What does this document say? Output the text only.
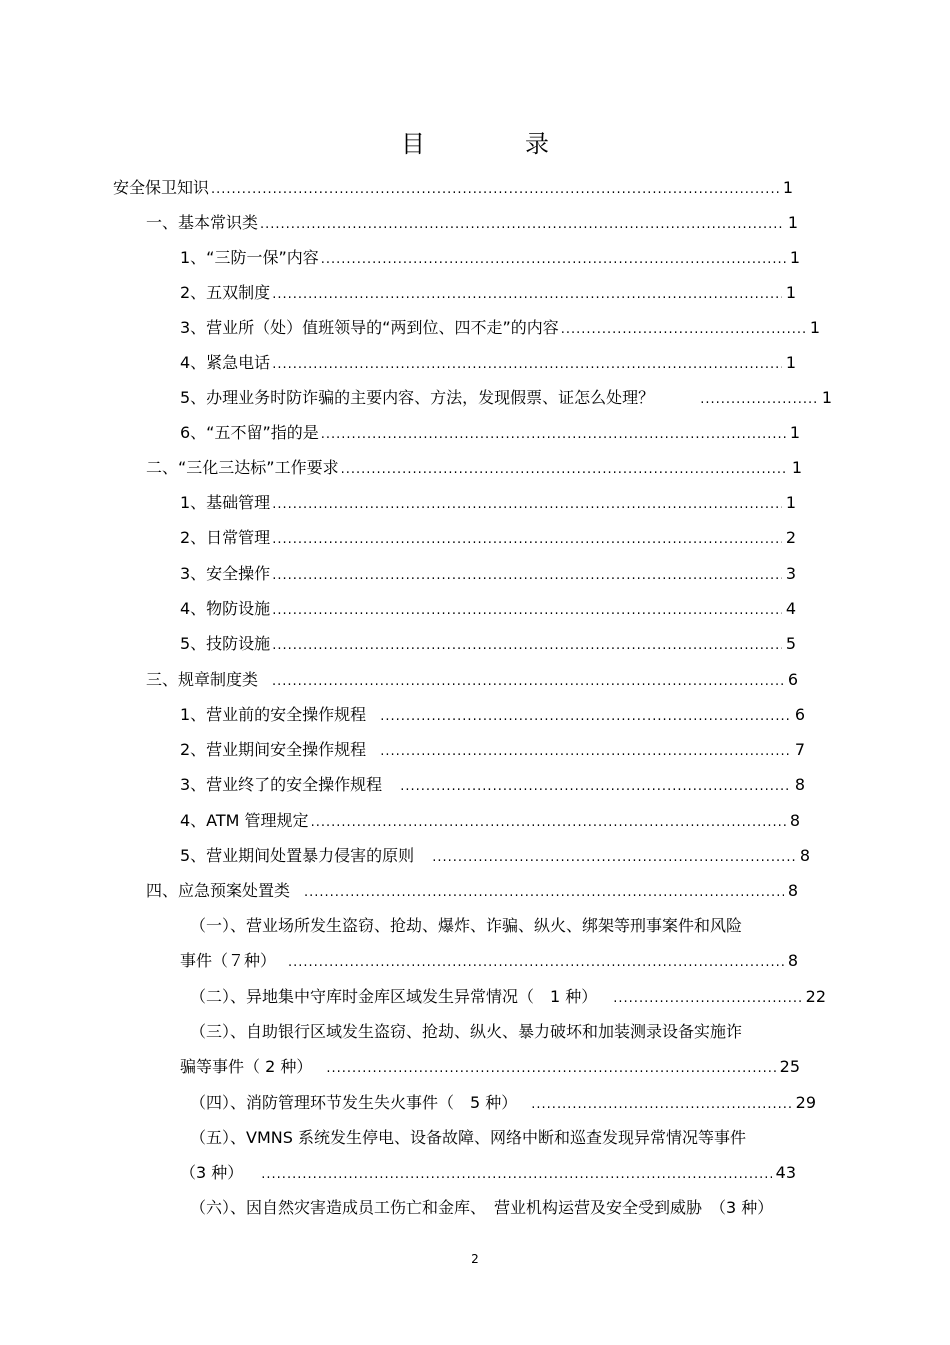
目　录
安全保卫知识 .....	1
一、基本常识类 .....	1
1、“三防一保”内容 .....	1
2、五双制度 .....	1
3、营业所（处）值班领导的“两到位、四不走”的内容 .....	1
4、紧急电话 .....	1
5、办理业务时防诈骗的主要内容、方法，发现假票、证怎么处理？ .....	1
6、“五不留”指的是 .....	1
二、“三化三达标”工作要求 .....	1
1、基础管理 .....	1
2、日常管理 .....	2
3、安全操作 .....	3
4、物防设施 .....	4
5、技防设施 .....	5
三、规章制度类 .....	6
1、营业前的安全操作规程 .....	6
2、营业期间安全操作规程 .....	7
3、营业终了的安全操作规程 .....	8
4、ATM 管理规定 .....	8
5、营业期间处置暴力侵害的原则 .....	8
四、应急预案处置类 .....	8
（一）、营业场所发生盗窃、抢劫、爆炸、诈骗、纵火、绑架等刑事案件和风险
事件（７种） .....	8
（二）、异地集中守库时金库区域发生异常情况（　1 种） .....	22
（三）、自助银行区域发生盗窃、抢劫、纵火、暴力破坏和加装测录设备实施诈
骗等事件（ 2 种） .....	25
（四）、消防管理环节发生失火事件（　5 种） .....	29
（五）、VMNS 系统发生停电、设备故障、网络中断和巡查发现异常情况等事件
（3 种） .....	43
（六）、因自然灾害造成员工伤亡和金库、　营业机构运营及安全受到威胁　（3 种）
2
